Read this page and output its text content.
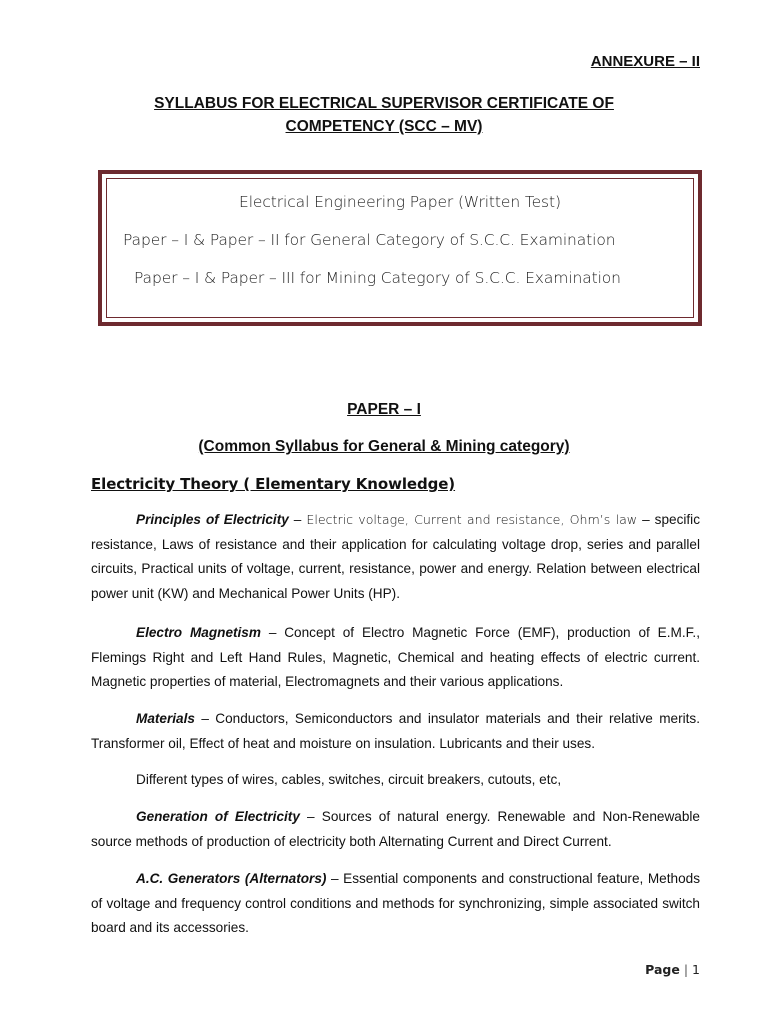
ANNEXURE – II
SYLLABUS FOR ELECTRICAL SUPERVISOR CERTIFICATE OF COMPETENCY (SCC – MV)
Electrical Engineering Paper (Written Test)
Paper – I & Paper – II for General Category of S.C.C. Examination
Paper – I & Paper – III for Mining Category of S.C.C. Examination
PAPER – I
(Common Syllabus for General & Mining category)
Electricity Theory ( Elementary Knowledge)

Principles of Electricity – Electric voltage, Current and resistance, Ohm’s law – specific resistance, Laws of resistance and their application for calculating voltage drop, series and parallel circuits, Practical units of voltage, current, resistance, power and energy. Relation between electrical power unit (KW) and Mechanical Power Units (HP).

Electro Magnetism – Concept of Electro Magnetic Force (EMF), production of E.M.F., Flemings Right and Left Hand Rules, Magnetic, Chemical and heating effects of electric current. Magnetic properties of material, Electromagnets and their various applications.

Materials – Conductors, Semiconductors and insulator materials and their relative merits. Transformer oil, Effect of heat and moisture on insulation. Lubricants and their uses.

Different types of wires, cables, switches, circuit breakers, cutouts, etc,

Generation of Electricity – Sources of natural energy. Renewable and Non-Renewable source methods of production of electricity both Alternating Current and Direct Current.

A.C. Generators (Alternators) – Essential components and constructional feature, Methods of voltage and frequency control conditions and methods for synchronizing, simple associated switch board and its accessories.

Page | 1
